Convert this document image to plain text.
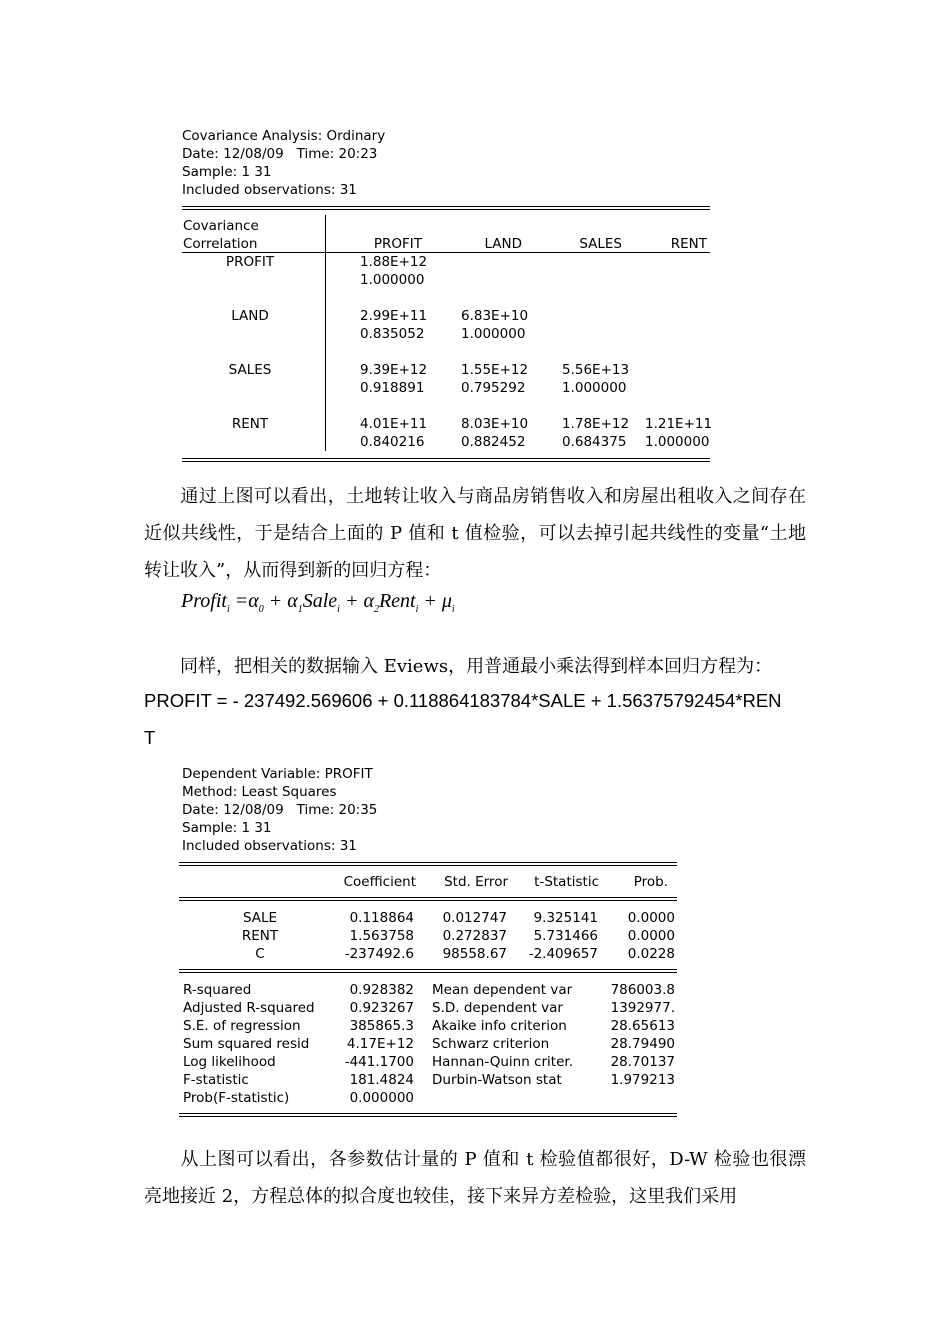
Covariance Analysis: Ordinary
Date: 12/08/09   Time: 20:23
Sample: 1 31
Included observations: 31
Covariance
Correlation	PROFIT	LAND	SALES	RENT
PROFIT	1.88E+12
1.000000
LAND	2.99E+11	6.83E+10
0.835052	1.000000
SALES	9.39E+12	1.55E+12	5.56E+13
0.918891	0.795292	1.000000
RENT	4.01E+11	8.03E+10	1.78E+12 1.21E+11
0.840216	0.882452	0.684375 1.000000
通过上图可以看出，土地转让收入与商品房销售收入和房屋出租收入之间存在近似共线性，于是结合上面的 P 值和 t 值检验，可以去掉引起共线性的变量“土地转让收入”，从而得到新的回归方程：
Profit$_i$ $=\alpha_0$ + $\alpha_1Sale_i$ + $\alpha_2Rent_i + \mu_i$
同样，把相关的数据输入 Eviews，用普通最小乘法得到样本回归方程为：
PROFIT = - 237492.569606 + 0.118864183784*SALE + 1.56375792454*REN
T
Dependent Variable: PROFIT
Method: Least Squares
Date: 12/08/09   Time: 20:35
Sample: 1 31
Included observations: 31
Coefficient	Std. Error	t-Statistic	Prob.
SALE	0.118864	0.012747	9.325141	0.0000
RENT	1.563758	0.272837	5.731466	0.0000
C	-237492.6	98558.67	-2.409657	0.0228
R-squared	0.928382 Mean dependent var	786003.8
Adjusted R-squared	0.923267 S.D. dependent var	1392977.
S.E. of regression	385865.3 Akaike info criterion	28.65613
Sum squared resid	4.17E+12 Schwarz criterion	28.79490
Log likelihood	-441.1700 Hannan-Quinn criter.	28.70137
F-statistic	181.4824 Durbin-Watson stat	1.979213
Prob(F-statistic)	0.000000
从上图可以看出，各参数估计量的 P 值和 t 检验值都很好，D-W 检验也很漂亮地接近 2，方程总体的拟合度也较佳，接下来异方差检验，这里我们采用
